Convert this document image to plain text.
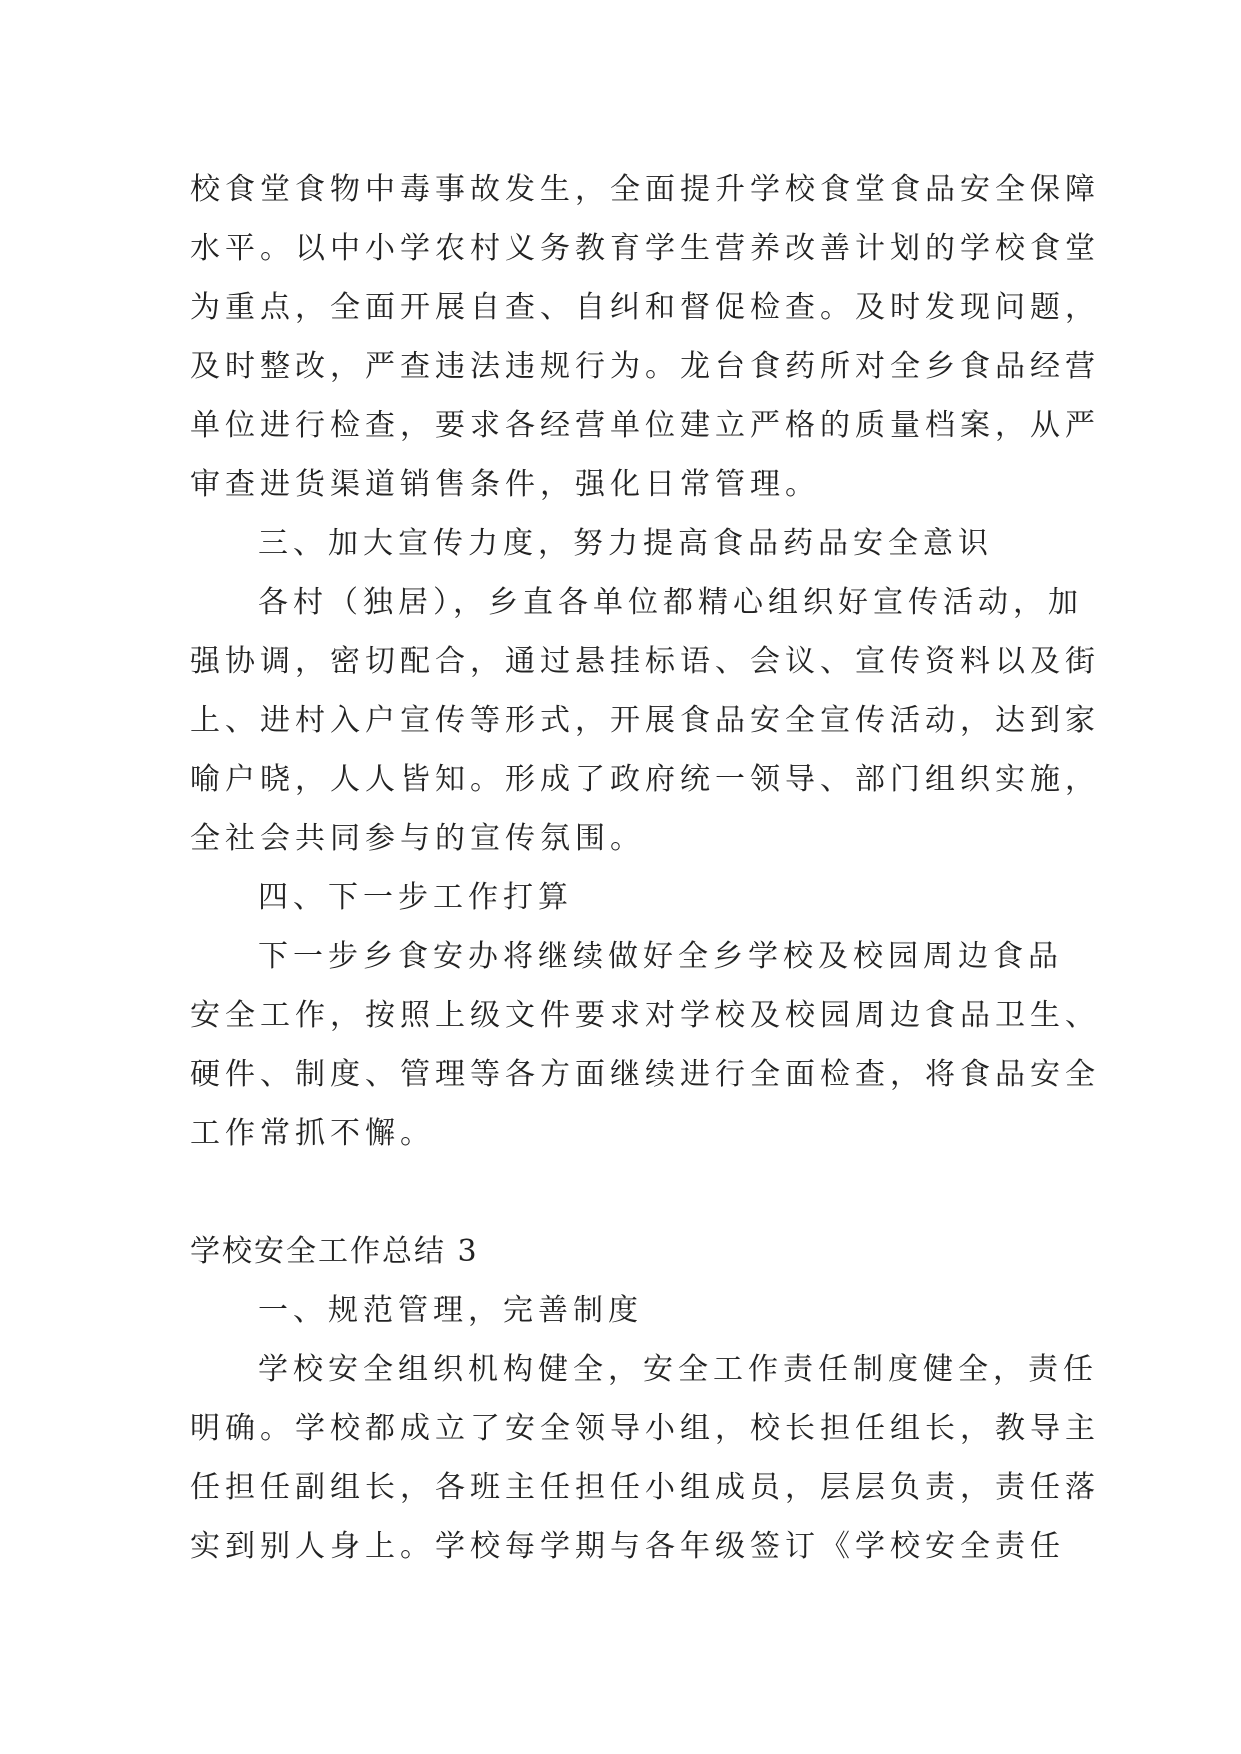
校食堂食物中毒事故发生，全面提升学校食堂食品安全保障
水平。以中小学农村义务教育学生营养改善计划的学校食堂
为重点，全面开展自查、自纠和督促检查。及时发现问题，
及时整改，严查违法违规行为。龙台食药所对全乡食品经营
单位进行检查，要求各经营单位建立严格的质量档案，从严
审查进货渠道销售条件，强化日常管理。
三、加大宣传力度，努力提高食品药品安全意识
各村（独居），乡直各单位都精心组织好宣传活动，加
强协调，密切配合，通过悬挂标语、会议、宣传资料以及街
上、进村入户宣传等形式，开展食品安全宣传活动，达到家
喻户晓，人人皆知。形成了政府统一领导、部门组织实施，
全社会共同参与的宣传氛围。
四、下一步工作打算
下一步乡食安办将继续做好全乡学校及校园周边食品
安全工作，按照上级文件要求对学校及校园周边食品卫生、
硬件、制度、管理等各方面继续进行全面检查，将食品安全
工作常抓不懈。
学校安全工作总结 3
一、规范管理，完善制度
学校安全组织机构健全，安全工作责任制度健全，责任
明确。学校都成立了安全领导小组，校长担任组长，教导主
任担任副组长，各班主任担任小组成员，层层负责，责任落
实到别人身上。学校每学期与各年级签订《学校安全责任
